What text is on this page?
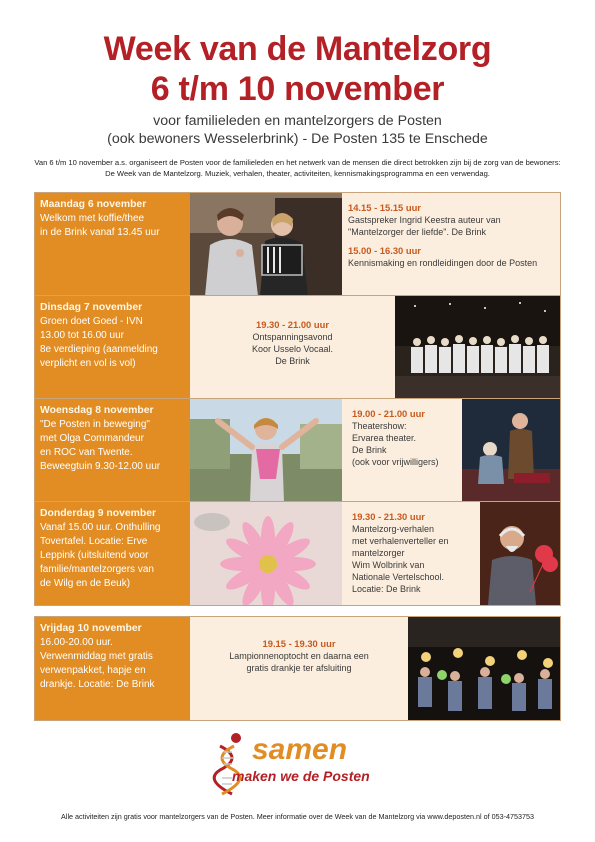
Week van de Mantelzorg
6 t/m 10 november
voor familieleden en mantelzorgers de Posten
(ook bewoners Wesselerbrink) - De Posten 135 te Enschede
Van 6 t/m 10 november a.s. organiseert de Posten voor de familieleden en het netwerk van de mensen die direct betrokken zijn bij de zorg van de bewoners: De Week van de Mantelzorg. Muziek, verhalen, theater, activiteiten, kennismakingsprogramma en een verwendag.
Maandag 6 november
Welkom met koffie/thee
in de Brink vanaf 13.45 uur
14.15 - 15.15 uur
Gastspreker Ingrid Keestra auteur van
"Mantelzorger der liefde". De Brink
15.00 - 16.30 uur
Kennismaking en rondleidingen door de Posten
Dinsdag 7 november
Groen doet Goed - IVN
13.00 tot 16.00 uur
8e verdieping (aanmelding
verplicht en vol is vol)
19.30 - 21.00 uur
Ontspanningsavond
Koor Usselo Vocaal.
De Brink
Woensdag 8 november
"De Posten in beweging"
met Olga Commandeur
en ROC van Twente.
Beweegtuin 9.30-12.00 uur
19.00 - 21.00 uur
Theatershow:
Ervarea theater.
De Brink
(ook voor vrijwilligers)
Donderdag 9 november
Vanaf 15.00 uur. Onthulling
Tovertafel. Locatie: Erve
Leppink (uitsluitend voor
familie/mantelzorgers van
de Wilg en de Beuk)
19.30 - 21.30 uur
Mantelzorg-verhalen
met verhalenverteller en
mantelzorger
Wim Wolbrink van
Nationale Vertelschool.
Locatie: De Brink
Vrijdag 10 november
16.00-20.00 uur.
Verwenmiddag met gratis
verwenpakket, hapje en
drankje. Locatie: De Brink
19.15 - 19.30 uur
Lampionnenoptocht en daarna een
gratis drankje ter afsluiting
samen
maken we de Posten
Alle activiteiten zijn gratis voor mantelzorgers van de Posten. Meer informatie over de Week van de Mantelzorg via www.deposten.nl of 053-4753753
